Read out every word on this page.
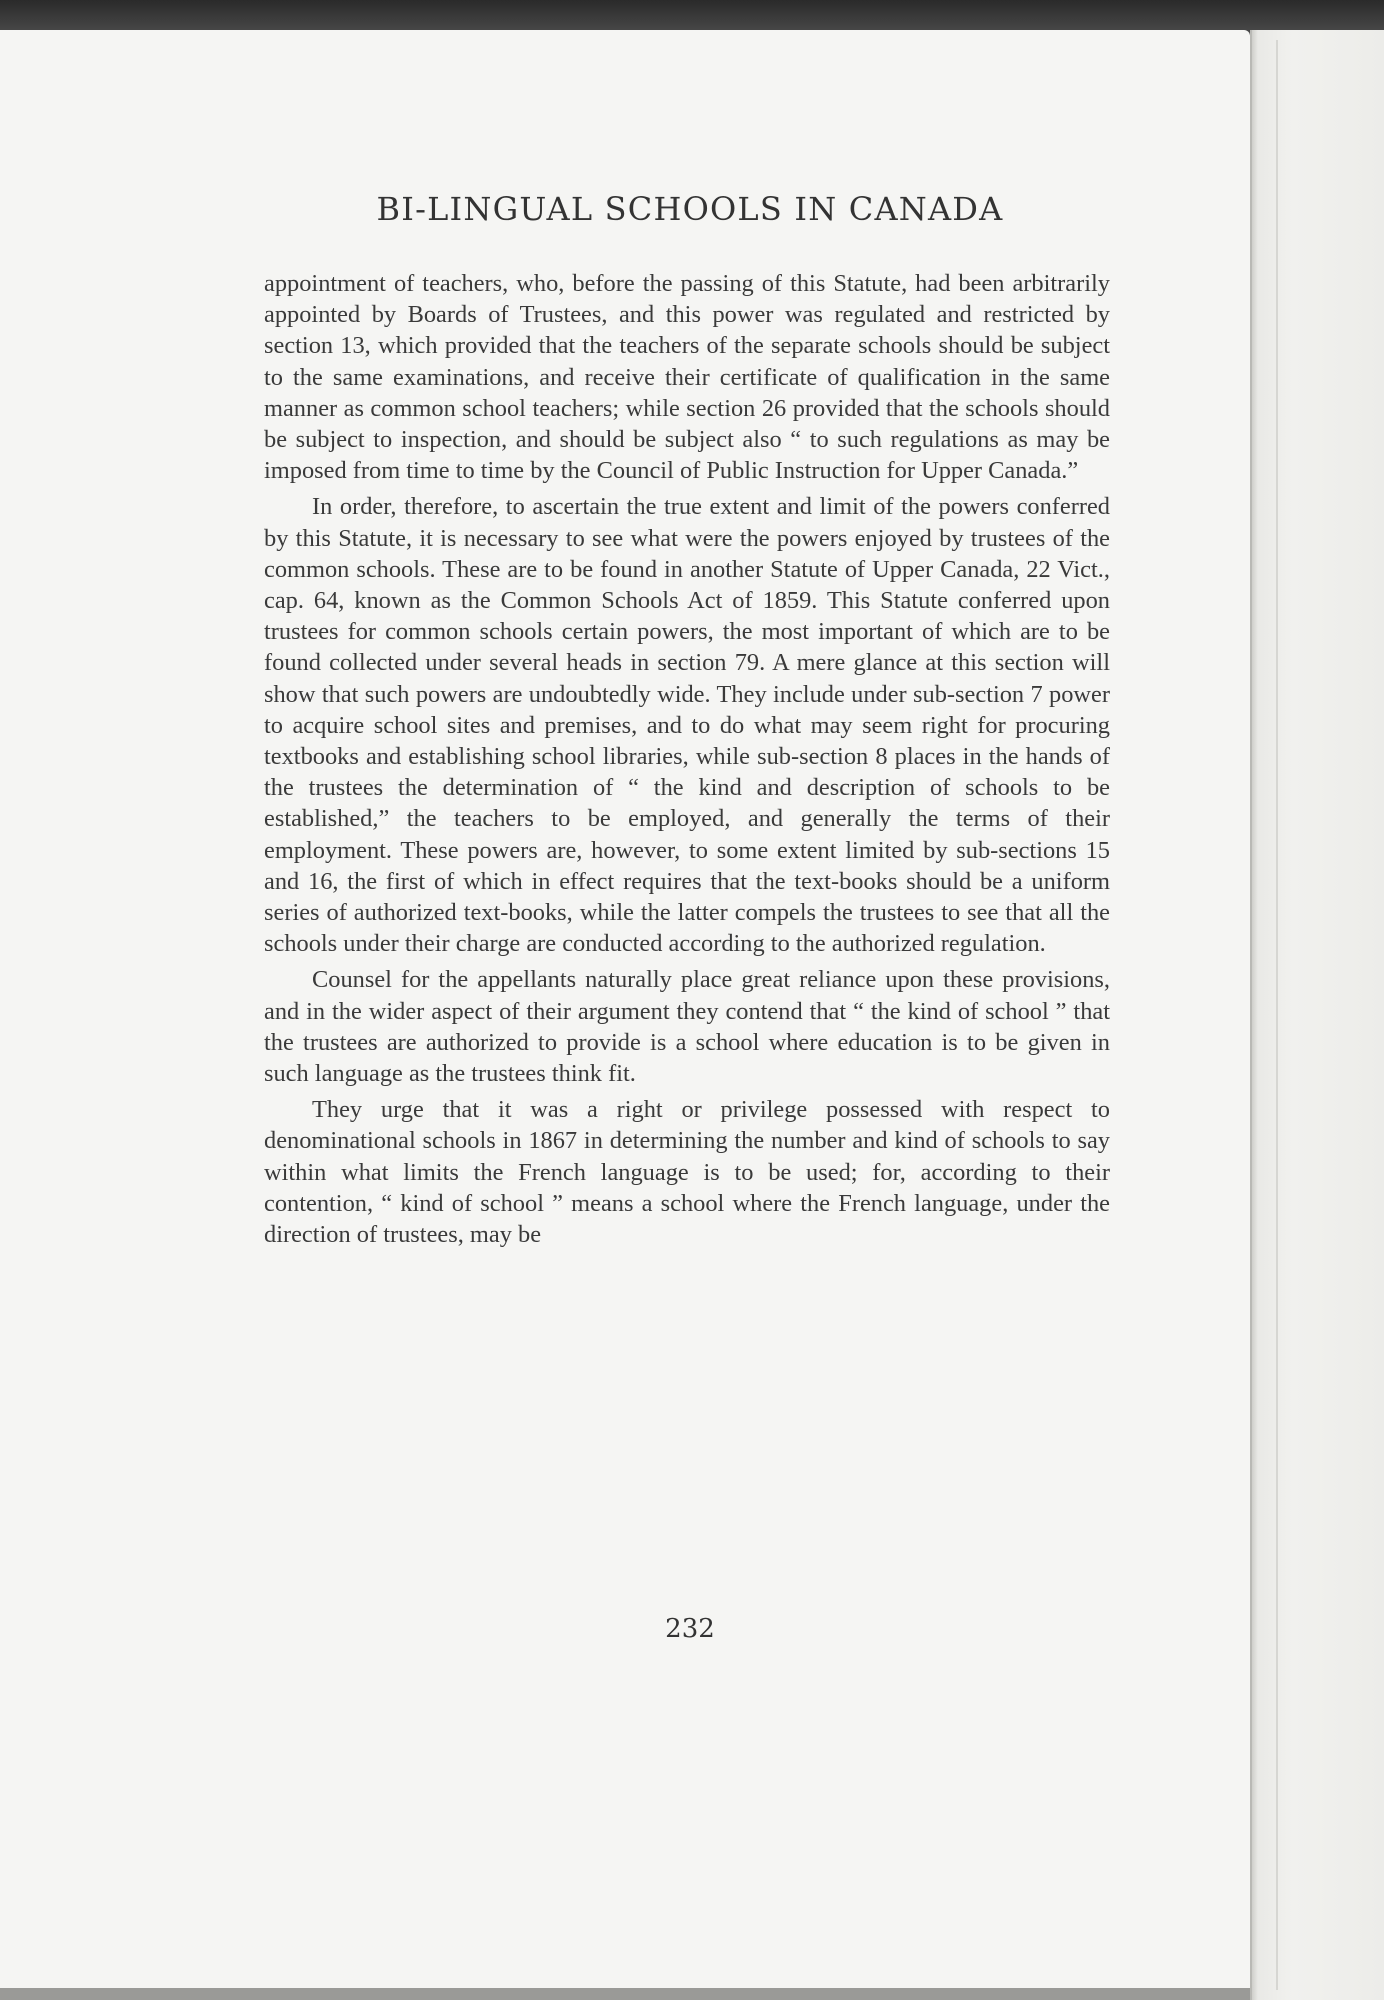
BI-LINGUAL SCHOOLS IN CANADA

appointment of teachers, who, before the passing of this Statute, had been arbitrarily appointed by Boards of Trustees, and this power was regulated and restricted by section 13, which provided that the teachers of the separate schools should be subject to the same examinations, and receive their certificate of qualification in the same manner as common school teachers; while section 26 provided that the schools should be subject to inspection, and should be subject also “ to such regulations as may be imposed from time to time by the Council of Public Instruction for Upper Canada.”

In order, therefore, to ascertain the true extent and limit of the powers conferred by this Statute, it is necessary to see what were the powers enjoyed by trustees of the common schools. These are to be found in another Statute of Upper Canada, 22 Vict., cap. 64, known as the Common Schools Act of 1859. This Statute conferred upon trustees for common schools certain powers, the most important of which are to be found collected under several heads in section 79. A mere glance at this section will show that such powers are undoubtedly wide. They include under sub-section 7 power to acquire school sites and premises, and to do what may seem right for procuring textbooks and establishing school libraries, while sub-section 8 places in the hands of the trustees the determination of “ the kind and description of schools to be established,” the teachers to be employed, and generally the terms of their employment. These powers are, however, to some extent limited by sub-sections 15 and 16, the first of which in effect requires that the text-books should be a uniform series of authorized text-books, while the latter compels the trustees to see that all the schools under their charge are conducted according to the authorized regulation.

Counsel for the appellants naturally place great reliance upon these provisions, and in the wider aspect of their argument they contend that “ the kind of school ” that the trustees are authorized to provide is a school where education is to be given in such language as the trustees think fit.

They urge that it was a right or privilege possessed with respect to denominational schools in 1867 in determining the number and kind of schools to say within what limits the French language is to be used; for, according to their contention, “ kind of school ” means a school where the French language, under the direction of trustees, may be

232
